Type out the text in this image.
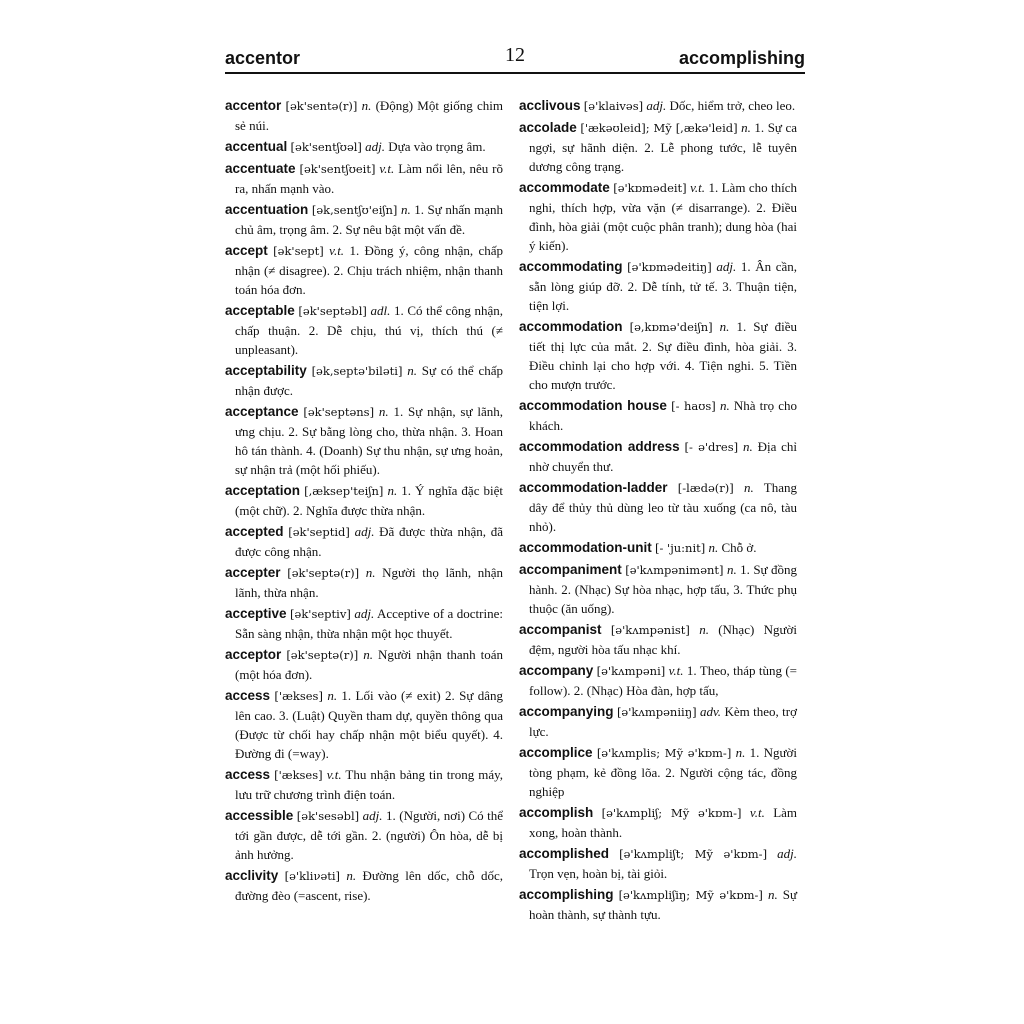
accentor	12	accomplishing
accentor [ək'sentə(r)] n. (Động) Một giống chim sẻ núi.
accentual [ək'sentʃʊəl] adj. Dựa vào trọng âm.
accentuate [ək'sentʃʊeit] v.t. Làm nổi lên, nêu rõ ra, nhấn mạnh vào.
accentuation [ək,sentʃʊ'eiʃn] n. 1. Sự nhấn mạnh chủ âm, trọng âm. 2. Sự nêu bật một vấn đề.
accept [ək'sept] v.t. 1. Đồng ý, công nhận, chấp nhận (≠ disagree). 2. Chịu trách nhiệm, nhận thanh toán hóa đơn.
acceptable [ək'septəbl] adl. 1. Có thể công nhận, chấp thuận. 2. Dễ chịu, thú vị, thích thú (≠ unpleasant).
acceptability [ək,septə'biləti] n. Sự có thể chấp nhận được.
acceptance [ək'septəns] n. 1. Sự nhận, sự lãnh, ưng chịu. 2. Sự bằng lòng cho, thừa nhận. 3. Hoan hô tán thành. 4. (Doanh) Sự thu nhận, sự ưng hoản, sự nhận trả (một hối phiếu).
acceptation [,æksep'teiʃn] n. 1. Ý nghĩa đặc biệt (một chữ). 2. Nghĩa được thừa nhận.
accepted [ək'septid] adj. Đã được thừa nhận, đã được công nhận.
accepter [ək'septə(r)] n. Người thọ lãnh, nhận lãnh, thừa nhận.
acceptive [ək'septiv] adj. Acceptive of a doctrine: Sẵn sàng nhận, thừa nhận một học thuyết.
acceptor [ək'septə(r)] n. Người nhận thanh toán (một hóa đơn).
access ['ækses] n. 1. Lối vào (≠ exit) 2. Sự dâng lên cao. 3. (Luật) Quyền tham dự, quyền thông qua (Được từ chối hay chấp nhận một biểu quyết). 4. Đường đi (=way).
access ['ækses] v.t. Thu nhận bảng tin trong máy, lưu trữ chương trình điện toán.
accessible [ək'sesəbl] adj. 1. (Người, nơi) Có thể tới gần được, dễ tới gần. 2. (người) Ôn hòa, dễ bị ảnh hưởng.
acclivity [ə'kliνəti] n. Đường lên dốc, chỗ dốc, đường đèo (=ascent, rise).
acclivous [ə'klaivəs] adj. Dốc, hiểm trở, cheo leo.
accolade ['ækəʊleid]; Mỹ [,ækə'leid] n. 1. Sự ca ngợi, sự hãnh diện. 2. Lễ phong tước, lễ tuyên dương công trạng.
accommodate [ə'kɒmədeit] v.t. 1. Làm cho thích nghi, thích hợp, vừa vặn (≠ disarrange). 2. Điều đình, hòa giải (một cuộc phân tranh); dung hòa (hai ý kiến).
accommodating [ə'kɒmədeitiŋ] adj. 1. Ân cần, sẵn lòng giúp đỡ. 2. Dễ tính, tử tế. 3. Thuận tiện, tiện lợi.
accommodation [ə,kɒmə'deiʃn] n. 1. Sự điều tiết thị lực của mắt. 2. Sự điều đình, hòa giải. 3. Điều chỉnh lại cho hợp với. 4. Tiện nghi. 5. Tiền cho mượn trước.
accommodation house [- haʊs] n. Nhà trọ cho khách.
accommodation address [- ə'dres] n. Địa chỉ nhờ chuyển thư.
accommodation-ladder [-lædə(r)] n. Thang dây để thủy thủ dùng leo từ tàu xuống (ca nô, tàu nhỏ).
accommodation-unit [- 'ju:nit] n. Chỗ ở.
accompaniment [ə'kʌmpənimənt] n. 1. Sự đồng hành. 2. (Nhạc) Sự hòa nhạc, hợp tấu, 3. Thức phụ thuộc (ăn uống).
accompanist [ə'kʌmpənist] n. (Nhạc) Người đệm, người hòa tấu nhạc khí.
accompany [ə'kʌmpəni] v.t. 1. Theo, tháp tùng (= follow). 2. (Nhạc) Hòa đàn, hợp tấu,
accompanying [ə'kʌmpəniiŋ] adv. Kèm theo, trợ lực.
accomplice [ə'kʌmplis; Mỹ ə'kɒm-] n. 1. Người tòng phạm, kẻ đồng lõa. 2. Người cộng tác, đồng nghiệp
accomplish [ə'kʌmpliʃ; Mỹ ə'kɒm-] v.t. Làm xong, hoàn thành.
accomplished [ə'kʌmpliʃt; Mỹ ə'kɒm-] adj. Trọn vẹn, hoàn bị, tài giỏi.
accomplishing [ə'kʌmpliʃiŋ; Mỹ ə'kɒm-] n. Sự hoàn thành, sự thành tựu.
